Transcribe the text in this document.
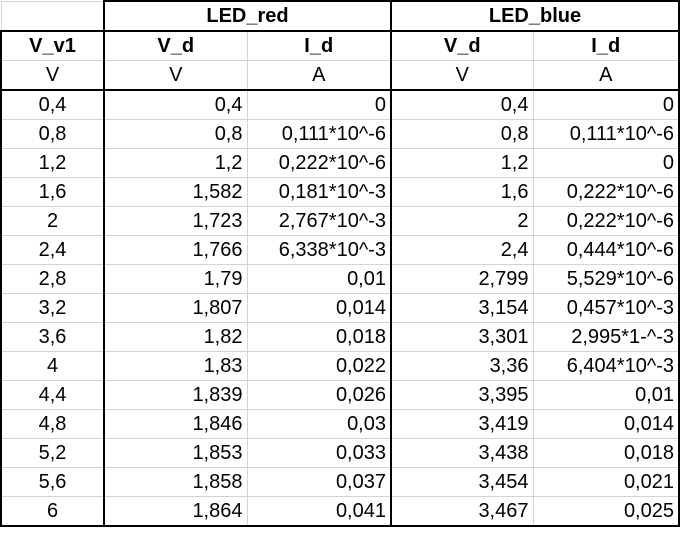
	LED_red		LED_blue	
V_v1	V_d	I_d	V_d	I_d
V	V	A	V	A
0,4	0,4	0	0,4	0
0,8	0,8	0,111*10^-6	0,8	0,111*10^-6
1,2	1,2	0,222*10^-6	1,2	0
1,6	1,582	0,181*10^-3	1,6	0,222*10^-6
2	1,723	2,767*10^-3	2	0,222*10^-6
2,4	1,766	6,338*10^-3	2,4	0,444*10^-6
2,8	1,79	0,01	2,799	5,529*10^-6
3,2	1,807	0,014	3,154	0,457*10^-3
3,6	1,82	0,018	3,301	2,995*1-^-3
4	1,83	0,022	3,36	6,404*10^-3
4,4	1,839	0,026	3,395	0,01
4,8	1,846	0,03	3,419	0,014
5,2	1,853	0,033	3,438	0,018
5,6	1,858	0,037	3,454	0,021
6	1,864	0,041	3,467	0,025
